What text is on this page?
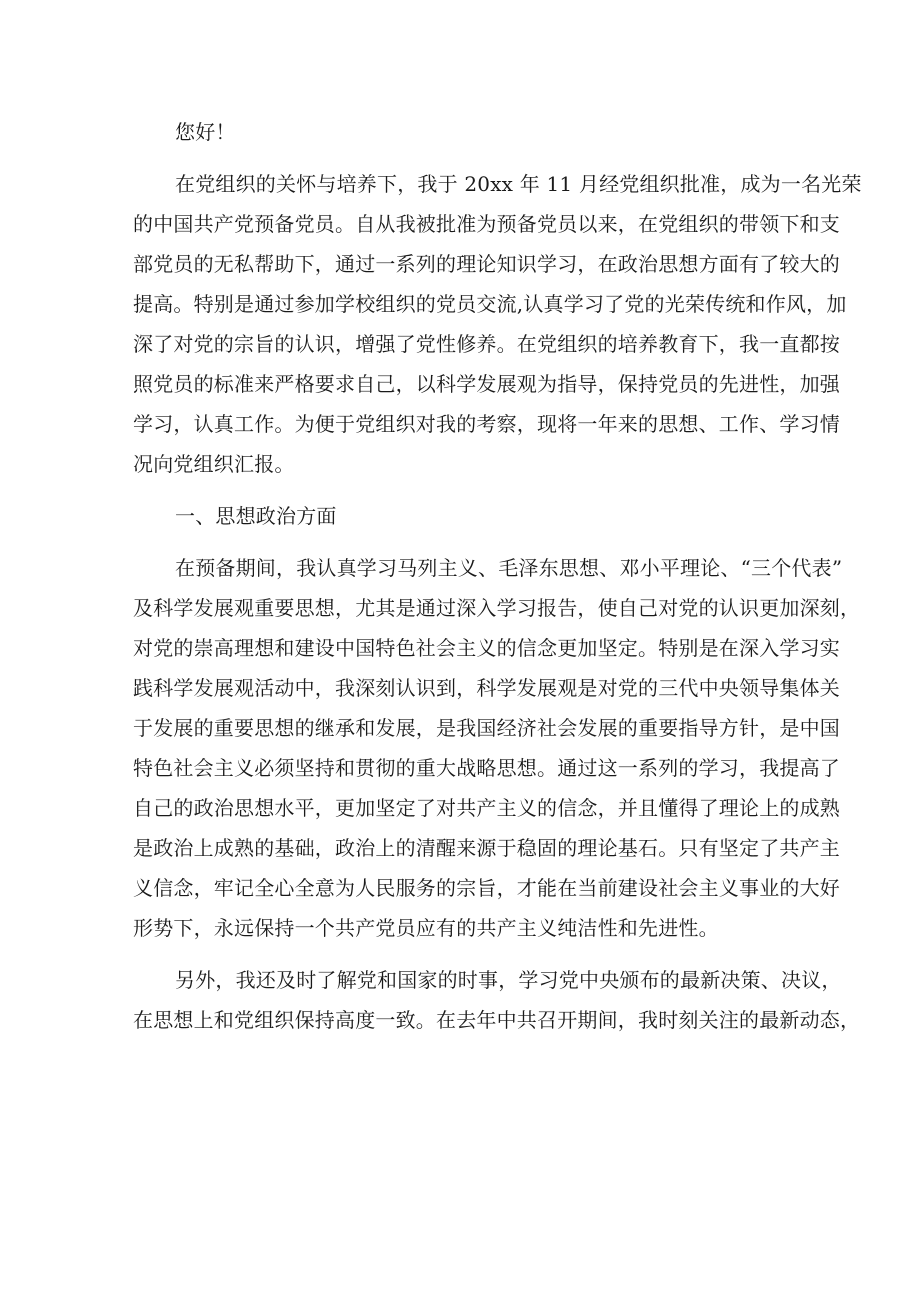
您好！

在党组织的关怀与培养下，我于 20xx 年 11 月经党组织批准，成为一名光荣
的中国共产党预备党员。自从我被批准为预备党员以来，在党组织的带领下和支
部党员的无私帮助下，通过一系列的理论知识学习，在政治思想方面有了较大的
提高。特别是通过参加学校组织的党员交流,认真学习了党的光荣传统和作风，加
深了对党的宗旨的认识，增强了党性修养。在党组织的培养教育下，我一直都按
照党员的标准来严格要求自己，以科学发展观为指导，保持党员的先进性，加强
学习，认真工作。为便于党组织对我的考察，现将一年来的思想、工作、学习情
况向党组织汇报。

一、思想政治方面

在预备期间，我认真学习马列主义、毛泽东思想、邓小平理论、“三个代表”
及科学发展观重要思想，尤其是通过深入学习报告，使自己对党的认识更加深刻，
对党的崇高理想和建设中国特色社会主义的信念更加坚定。特别是在深入学习实
践科学发展观活动中，我深刻认识到，科学发展观是对党的三代中央领导集体关
于发展的重要思想的继承和发展，是我国经济社会发展的重要指导方针，是中国
特色社会主义必须坚持和贯彻的重大战略思想。通过这一系列的学习，我提高了
自己的政治思想水平，更加坚定了对共产主义的信念，并且懂得了理论上的成熟
是政治上成熟的基础，政治上的清醒来源于稳固的理论基石。只有坚定了共产主
义信念，牢记全心全意为人民服务的宗旨，才能在当前建设社会主义事业的大好
形势下，永远保持一个共产党员应有的共产主义纯洁性和先进性。

另外，我还及时了解党和国家的时事，学习党中央颁布的最新决策、决议，
在思想上和党组织保持高度一致。在去年中共召开期间，我时刻关注的最新动态，
